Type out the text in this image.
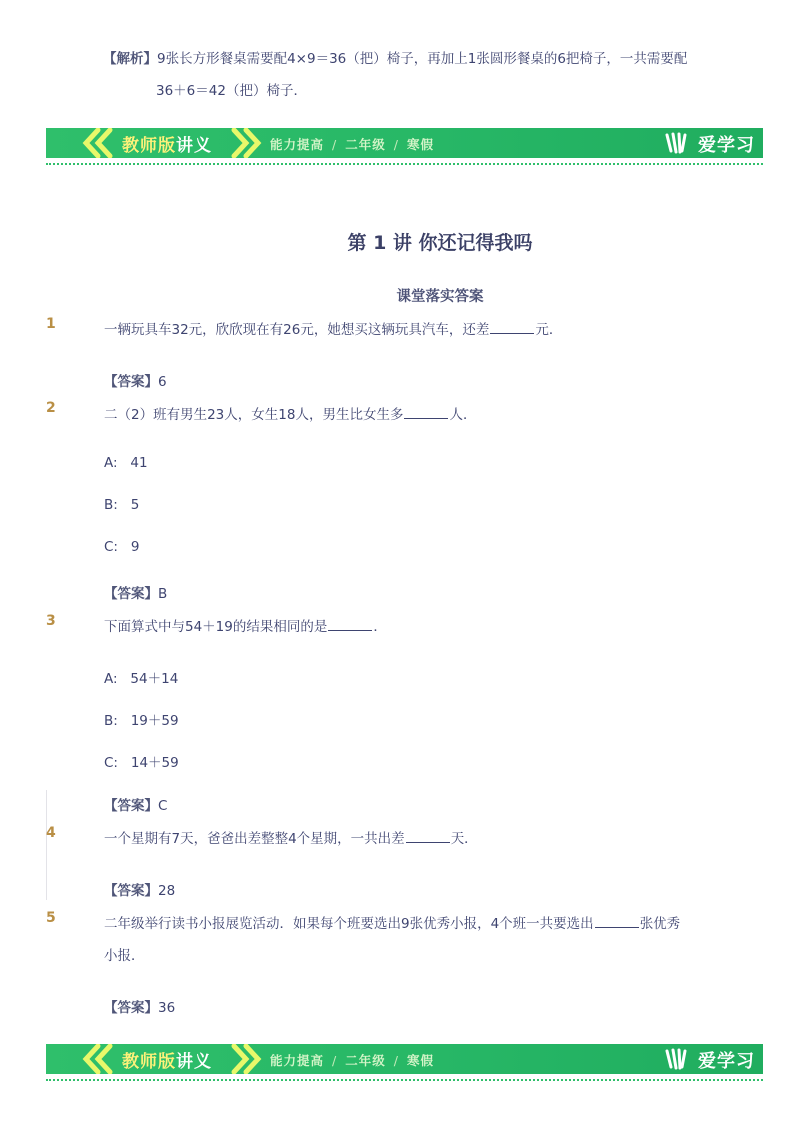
【解析】9张长方形餐桌需要配4×9＝36（把）椅子，再加上1张圆形餐桌的6把椅子，一共需要配
36＋6＝42（把）椅子．
教师版讲义	能力提高 / 二年级 / 寒假	爱学习
第 1 讲 你还记得我吗
课堂落实答案
1	一辆玩具车32元，欣欣现在有26元，她想买这辆玩具汽车，还差	元．
【答案】6
2	二（2）班有男生23人，女生18人，男生比女生多	人．
A: 41
B: 5
C: 9
【答案】B
3	下面算式中与54＋19的结果相同的是	．
A: 54＋14
B: 19＋59
C: 14＋59
【答案】C
4	一个星期有7天，爸爸出差整整4个星期，一共出差	天．
【答案】28
5	二年级举行读书小报展览活动．如果每个班要选出9张优秀小报，4个班一共要选出	张优秀
小报．
【答案】36
教师版讲义	能力提高 / 二年级 / 寒假	爱学习
